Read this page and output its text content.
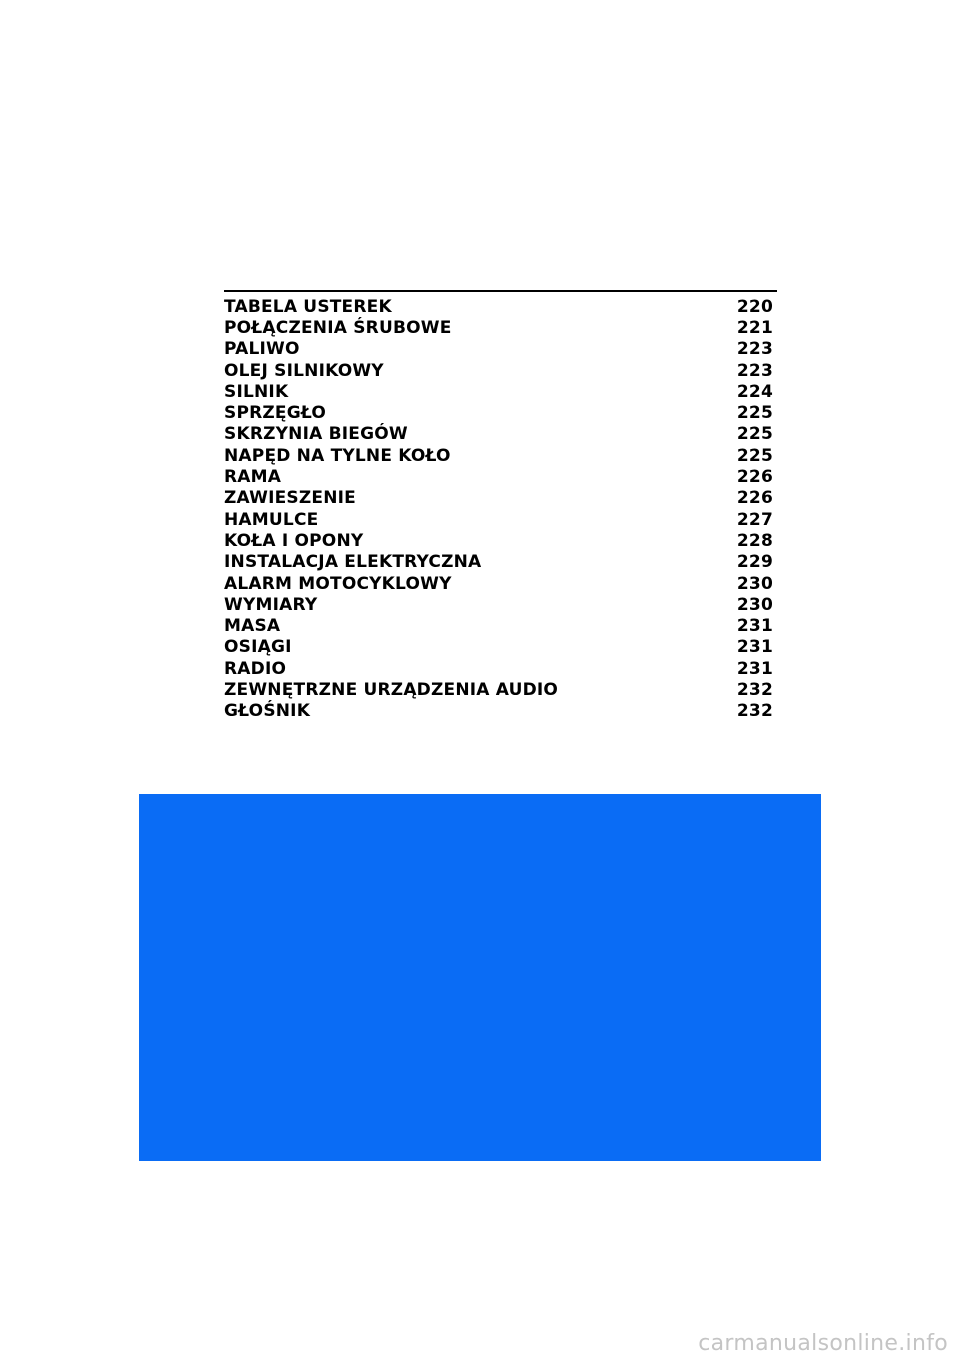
TABELA USTEREK	220
POŁĄCZENIA ŚRUBOWE	221
PALIWO	223
OLEJ SILNIKOWY	223
SILNIK	224
SPRZĘGŁO	225
SKRZYNIA BIEGÓW	225
NAPĘD NA TYLNE KOŁO	225
RAMA	226
ZAWIESZENIE	226
HAMULCE	227
KOŁA I OPONY	228
INSTALACJA ELEKTRYCZNA	229
ALARM MOTOCYKLOWY	230
WYMIARY	230
MASA	231
OSIĄGI	231
RADIO	231
ZEWNĘTRZNE URZĄDZENIA AUDIO	232
GŁOŚNIK	232
carmanualsonline.info
